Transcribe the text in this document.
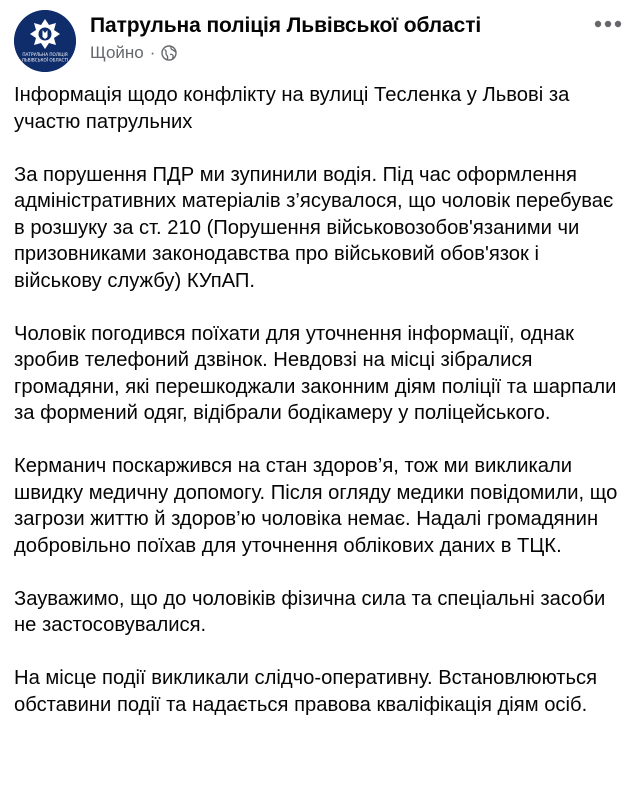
ПАТРУЛЬНА ПОЛІЦІЯ
ЛЬВІВСЬКОЇ ОБЛАСТІ
Патрульна поліція Львівської області
Щойно ·

Інформація щодо конфлікту на вулиці Тесленка у Львові за участю патрульних

За порушення ПДР ми зупинили водія. Під час оформлення адміністративних матеріалів з’ясувалося, що чоловік перебуває в розшуку за ст. 210 (Порушення військовозобов'язаними чи призовниками законодавства про військовий обов'язок і військову службу) КУпАП.

Чоловік погодився поїхати для уточнення інформації, однак зробив телефоний дзвінок. Невдовзі на місці зібралися громадяни, які перешкоджали законним діям поліції та шарпали за формений одяг, відібрали бодікамеру у поліцейського.

Керманич поскаржився на стан здоров’я, тож ми викликали швидку медичну допомогу. Після огляду медики повідомили, що загрози життю й здоров’ю чоловіка немає. Надалі громадянин добровільно поїхав для уточнення облікових даних в ТЦК.

Зауважимо, що до чоловіків фізична сила та спеціальні засоби не застосовувалися.

На місце події викликали слідчо-оперативну. Встановлюються обставини події та надається правова кваліфікація діям осіб.
